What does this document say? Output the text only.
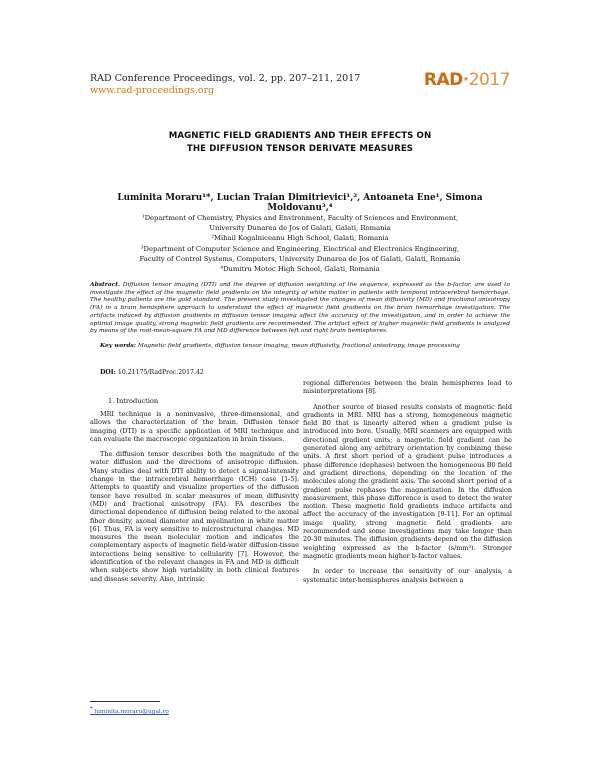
RAD Conference Proceedings, vol. 2, pp. 207–211, 2017
www.rad-proceedings.org
RAD·2017
MAGNETIC FIELD GRADIENTS AND THEIR EFFECTS ON
THE DIFFUSION TENSOR DERIVATE MEASURES
Luminita Moraru¹*, Lucian Traian Dimitrievici¹,², Antoaneta Ene¹, Simona Moldovanu³,⁴
¹Department of Chemistry, Physics and Environment, Faculty of Sciences and Environment,
University Dunarea de Jos of Galati, Galati, Romania
²Mihail Kogalniceanu High School, Galati, Romania
³Department of Computer Science and Engineering, Electrical and Electronics Engineering,
Faculty of Control Systems, Computers, University Dunarea de Jos of Galati, Galati, Romania
⁴Dumitru Motoc High School, Galati, Romania
Abstract. Diffusion tensor imaging (DTI) and the degree of diffusion weighting of the sequence, expressed as the b-factor, are used to investigate the effect of the magnetic field gradients on the integrity of white matter in patients with temporal intracerebral hemorrhage. The healthy patients are the gold standard. The present study investigated the changes of mean diffusivity (MD) and fractional anisotropy (FA) in a brain hemisphere approach to understand the effect of magnetic field gradients on the brain hemorrhage investigation. The artifacts induced by diffusion gradients in diffusion tensor imaging affect the accuracy of the investigation, and in order to achieve the optimal image quality, strong magnetic field gradients are recommended. The artifact effect of higher magnetic field gradients is analyzed by means of the root-mean-square FA and MD difference between left and right brain hemispheres.
Key words: Magnetic field gradients, diffusion tensor imaging, mean diffusivity, fractional anisotropy, image processing
DOI: 10.21175/RadProc.2017.42
1. Introduction

MRI technique is a noninvasive, three-dimensional, and allows the characterization of the brain. Diffusion tensor imaging (DTI) is a specific application of MRI technique and can evaluate the macroscopic organization in brain tissues.

The diffusion tensor describes both the magnitude of the water diffusion and the directions of anisotropic diffusion. Many studies deal with DTI ability to detect a signal-intensity change in the intracerebral hemorrhage (ICH) case [1-5]. Attempts to quantify and visualize properties of the diffusion tensor have resulted in scalar measures of mean diffusivity (MD) and fractional anisotropy (FA). FA describes the directional dependence of diffusion being related to the axonal fiber density, axonal diameter and myelination in white matter [6]. Thus, FA is very sensitive to microstructural changes. MD measures the mean molecular motion and indicates the complementary aspects of magnetic field-water diffusion-tissue interactions being sensitive to cellularity [7]. However, the identification of the relevant changes in FA and MD is difficult when subjects show high variability in both clinical features and disease severity. Also, intrinsic

regional differences between the brain hemispheres lead to misinterpretations [8].

Another source of biased results consists of magnetic field gradients in MRI. MRI has a strong, homogeneous magnetic field B0 that is linearly altered when a gradient pulse is introduced into bore. Usually, MRI scanners are equipped with directional gradient units; a magnetic field gradient can be generated along any arbitrary orientation by combining these units. A first short period of a gradient pulse introduces a phase difference (dephases) between the homogeneous B0 field and gradient directions, depending on the location of the molecules along the gradient axis. The second short period of a gradient pulse rephases the magnetization. In the diffusion measurement, this phase difference is used to detect the water motion. These magnetic field gradients induce artifacts and affect the accuracy of the investigation [9-11]. For an optimal image quality, strong magnetic field gradients are recommended and some investigations may take longer than 20-30 minutes. The diffusion gradients depend on the diffusion weighting expressed as the b-factor (s/mm²). Stronger magnetic gradients mean higher b-factor values.

In order to increase the sensitivity of our analysis, a systematic inter-hemispheres analysis between a

* luminita.moraru@ugal.ro
